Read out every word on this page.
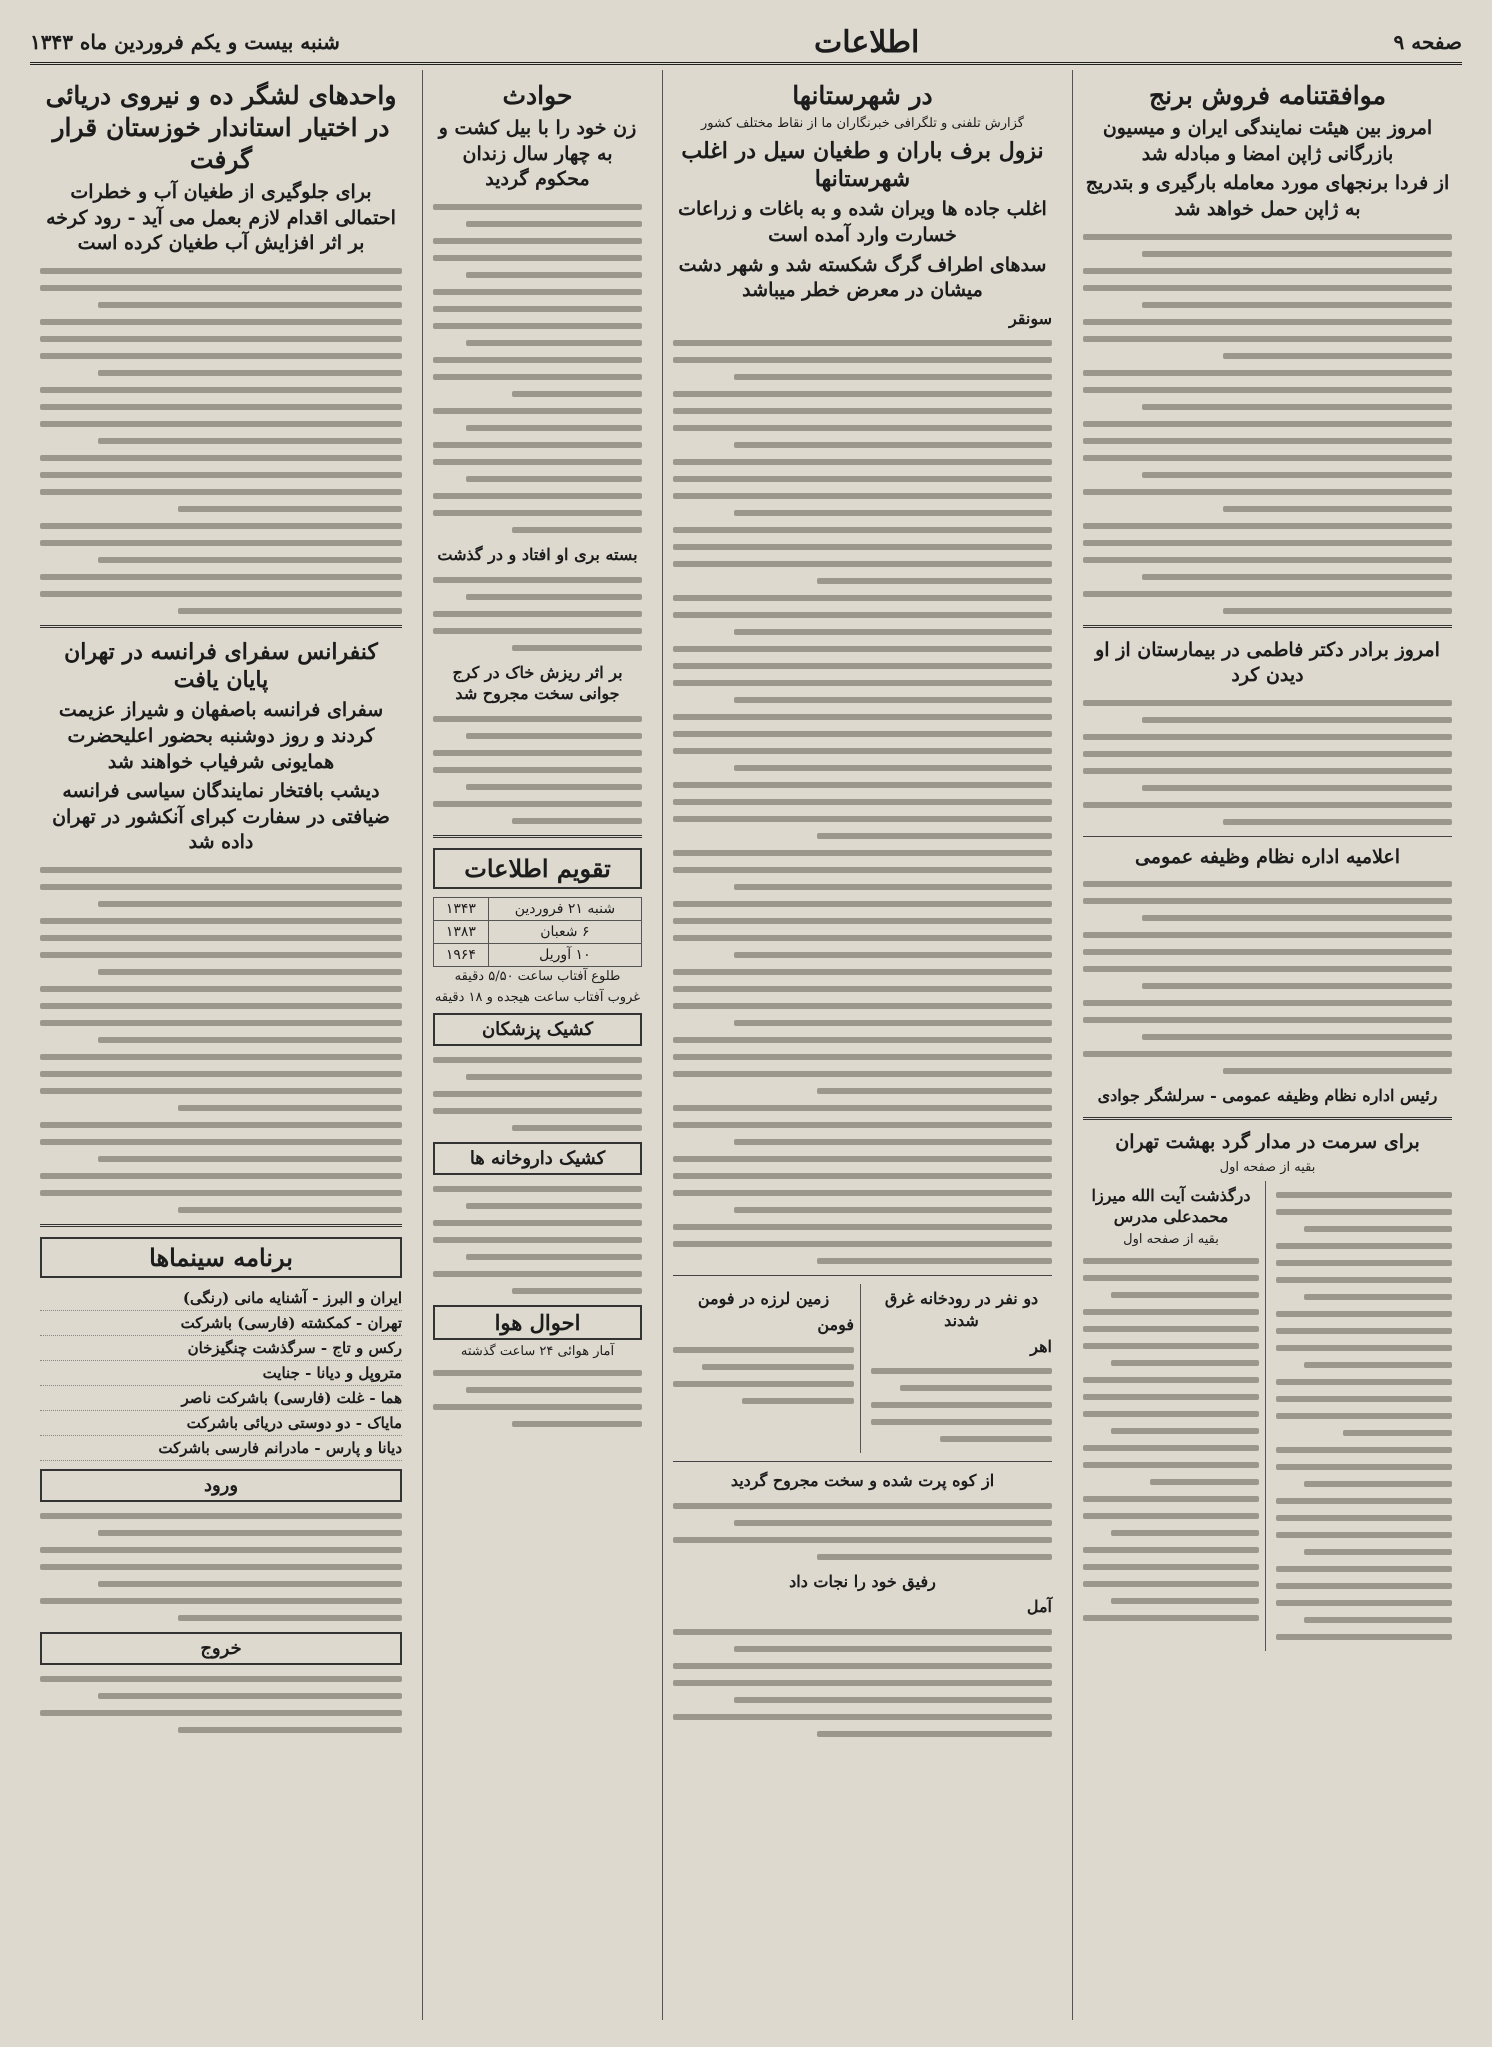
صفحه ۹
اطلاعات
شنبه بیست و یکم فروردین ماه ۱۳۴۳
موافقتنامه فروش برنج
امروز بین هیئت نمایندگی ایران و میسیون بازرگانی ژاپن امضا و مبادله شد
از فردا برنجهای مورد معامله بارگیری و بتدریج به ژاپن حمل خواهد شد
امروز برادر دکتر فاطمی در بیمارستان از او دیدن کرد
اعلامیه اداره نظام وظیفه عمومی
رئیس اداره نظام وظیفه عمومی - سرلشگر جوادی
برای سرمت در مدار گرد بهشت تهران
بقیه از صفحه اول
درگذشت آیت الله میرزا محمدعلی مدرس
بقیه از صفحه اول
در شهرستانها
گزارش تلفنی و تلگرافی خبرنگاران ما از نقاط مختلف کشور
نزول برف باران و طغیان سیل در اغلب شهرستانها
اغلب جاده ها ویران شده و به باغات و زراعات خسارت وارد آمده است
سدهای اطراف گرگ شکسته شد و شهر دشت میشان در معرض خطر میباشد
سونقر
دو نفر در رودخانه غرق شدند
اهر
زمین لرزه در فومن
فومن
از کوه پرت شده و سخت مجروح گردید
رفیق خود را نجات داد
آمل
حوادث
زن خود را با بیل کشت و به چهار سال زندان محکوم گردید
بسته بری او افتاد و در گذشت
بر اثر ریزش خاک در کرج جوانی سخت مجروح شد
تقویم اطلاعات
شنبه ۲۱ فروردین	۱۳۴۳
۶ شعبان	۱۳۸۳
۱۰ آوریل	۱۹۶۴
طلوع آفتاب ساعت ۵/۵۰ دقیقه
غروب آفتاب ساعت هیجده و ۱۸ دقیقه
کشیک پزشکان
کشیک داروخانه ها
احوال هوا
آمار هوائی ۲۴ ساعت گذشته
واحدهای لشگر ده و نیروی دریائی در اختیار استاندار خوزستان قرار گرفت
برای جلوگیری از طغیان آب و خطرات احتمالی اقدام لازم بعمل می آید - رود کرخه بر اثر افزایش آب طغیان کرده است
کنفرانس سفرای فرانسه در تهران پایان یافت
سفرای فرانسه باصفهان و شیراز عزیمت کردند و روز دوشنبه بحضور اعلیحضرت همایونی شرفیاب خواهند شد
دیشب بافتخار نمایندگان سیاسی فرانسه ضیافتی در سفارت کبرای آنکشور در تهران داده شد
برنامه سینماها
ایران و البرز - آشنایه مانی (رنگی)
تهران - کمکشته (فارسی) باشرکت
رکس و تاج - سرگذشت چنگیزخان
متروپل و دیانا - جنایت
هما - غلت (فارسی) باشرکت ناصر
مایاک - دو دوستی دریائی باشرکت
دیانا و پارس - مادرانم فارسی باشرکت
ورود
خروج
